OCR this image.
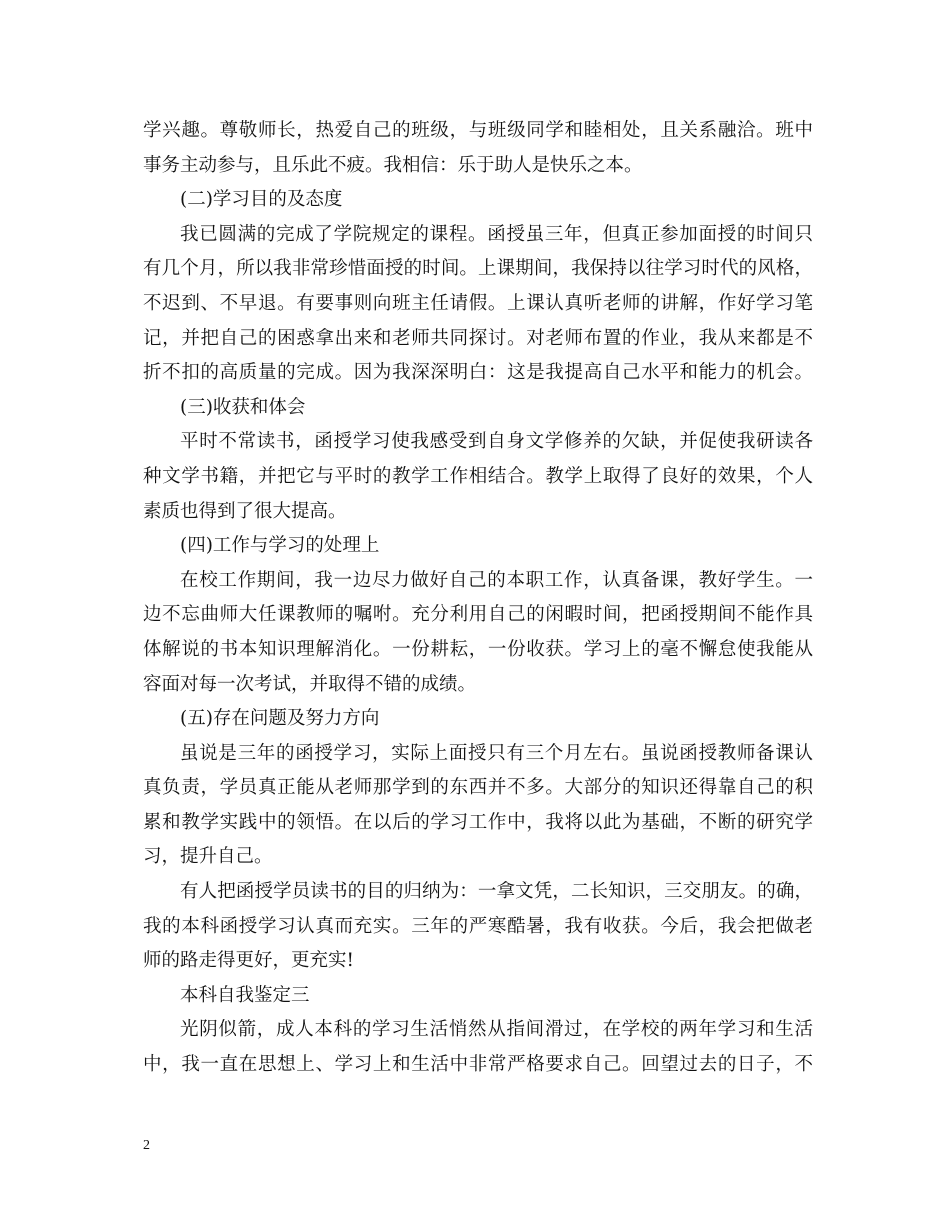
学兴趣。尊敬师长，热爱自己的班级，与班级同学和睦相处，且关系融洽。班中
事务主动参与，且乐此不疲。我相信：乐于助人是快乐之本。
(二)学习目的及态度
我已圆满的完成了学院规定的课程。函授虽三年，但真正参加面授的时间只
有几个月，所以我非常珍惜面授的时间。上课期间，我保持以往学习时代的风格，
不迟到、不早退。有要事则向班主任请假。上课认真听老师的讲解，作好学习笔
记，并把自己的困惑拿出来和老师共同探讨。对老师布置的作业，我从来都是不
折不扣的高质量的完成。因为我深深明白：这是我提高自己水平和能力的机会。
(三)收获和体会
平时不常读书，函授学习使我感受到自身文学修养的欠缺，并促使我研读各
种文学书籍，并把它与平时的教学工作相结合。教学上取得了良好的效果，个人
素质也得到了很大提高。
(四)工作与学习的处理上
在校工作期间，我一边尽力做好自己的本职工作，认真备课，教好学生。一
边不忘曲师大任课教师的嘱咐。充分利用自己的闲暇时间，把函授期间不能作具
体解说的书本知识理解消化。一份耕耘，一份收获。学习上的毫不懈怠使我能从
容面对每一次考试，并取得不错的成绩。
(五)存在问题及努力方向
虽说是三年的函授学习，实际上面授只有三个月左右。虽说函授教师备课认
真负责，学员真正能从老师那学到的东西并不多。大部分的知识还得靠自己的积
累和教学实践中的领悟。在以后的学习工作中，我将以此为基础，不断的研究学
习，提升自己。
有人把函授学员读书的目的归纳为：一拿文凭，二长知识，三交朋友。的确，
我的本科函授学习认真而充实。三年的严寒酷暑，我有收获。今后，我会把做老
师的路走得更好，更充实!
本科自我鉴定三
光阴似箭，成人本科的学习生活悄然从指间滑过，在学校的两年学习和生活
中，我一直在思想上、学习上和生活中非常严格要求自己。回望过去的日子，不
2
